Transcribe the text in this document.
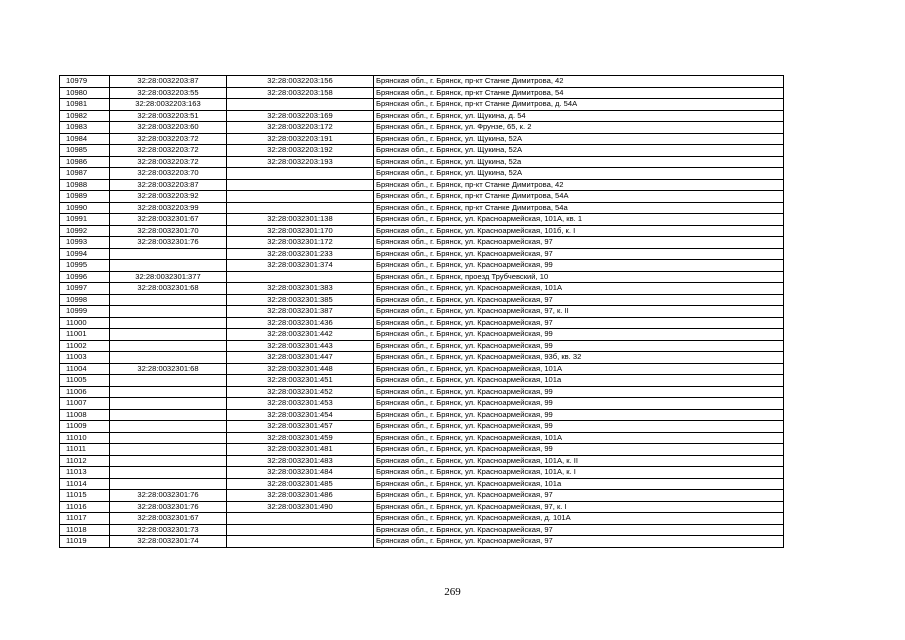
10979	32:28:0032203:87	32:28:0032203:156	Брянская обл., г. Брянск, пр-кт Станке Димитрова, 42
10980	32:28:0032203:55	32:28:0032203:158	Брянская обл., г. Брянск, пр-кт Станке Димитрова, 54
10981	32:28:0032203:163		Брянская обл., г. Брянск, пр-кт Станке Димитрова, д. 54А
10982	32:28:0032203:51	32:28:0032203:169	Брянская обл., г. Брянск, ул. Щукина, д. 54
10983	32:28:0032203:60	32:28:0032203:172	Брянская обл., г. Брянск, ул. Фрунзе, 65, к. 2
10984	32:28:0032203:72	32:28:0032203:191	Брянская обл., г. Брянск, ул. Щукина, 52А
10985	32:28:0032203:72	32:28:0032203:192	Брянская обл., г. Брянск, ул. Щукина, 52А
10986	32:28:0032203:72	32:28:0032203:193	Брянская обл., г. Брянск, ул. Щукина, 52а
10987	32:28:0032203:70		Брянская обл., г. Брянск, ул. Щукина, 52А
10988	32:28:0032203:87		Брянская обл., г. Брянск, пр-кт Станке Димитрова, 42
10989	32:28:0032203:92		Брянская обл., г. Брянск, пр-кт Станке Димитрова, 54А
10990	32:28:0032203:99		Брянская обл., г. Брянск, пр-кт Станке Димитрова, 54а
10991	32:28:0032301:67	32:28:0032301:138	Брянская обл., г. Брянск, ул. Красноармейская, 101А, кв. 1
10992	32:28:0032301:70	32:28:0032301:170	Брянская обл., г. Брянск, ул. Красноармейская, 101б, к. I
10993	32:28:0032301:76	32:28:0032301:172	Брянская обл., г. Брянск, ул. Красноармейская, 97
10994		32:28:0032301:233	Брянская обл., г. Брянск, ул. Красноармейская, 97
10995		32:28:0032301:374	Брянская обл., г. Брянск, ул. Красноармейская, 99
10996	32:28:0032301:377		Брянская обл., г. Брянск, проезд Трубчевский, 10
10997	32:28:0032301:68	32:28:0032301:383	Брянская обл., г. Брянск, ул. Красноармейская, 101А
10998		32:28:0032301:385	Брянская обл., г. Брянск, ул. Красноармейская, 97
10999		32:28:0032301:387	Брянская обл., г. Брянск, ул. Красноармейская, 97, к. II
11000		32:28:0032301:436	Брянская обл., г. Брянск, ул. Красноармейская, 97
11001		32:28:0032301:442	Брянская обл., г. Брянск, ул. Красноармейская, 99
11002		32:28:0032301:443	Брянская обл., г. Брянск, ул. Красноармейская, 99
11003		32:28:0032301:447	Брянская обл., г. Брянск, ул. Красноармейская, 93б, кв. 32
11004	32:28:0032301:68	32:28:0032301:448	Брянская обл., г. Брянск, ул. Красноармейская, 101А
11005		32:28:0032301:451	Брянская обл., г. Брянск, ул. Красноармейская, 101а
11006		32:28:0032301:452	Брянская обл., г. Брянск, ул. Красноармейская, 99
11007		32:28:0032301:453	Брянская обл., г. Брянск, ул. Красноармейская, 99
11008		32:28:0032301:454	Брянская обл., г. Брянск, ул. Красноармейская, 99
11009		32:28:0032301:457	Брянская обл., г. Брянск, ул. Красноармейская, 99
11010		32:28:0032301:459	Брянская обл., г. Брянск, ул. Красноармейская, 101А
11011		32:28:0032301:481	Брянская обл., г. Брянск, ул. Красноармейская, 99
11012		32:28:0032301:483	Брянская обл., г. Брянск, ул. Красноармейская, 101А, к. II
11013		32:28:0032301:484	Брянская обл., г. Брянск, ул. Красноармейская, 101А, к. I
11014		32:28:0032301:485	Брянская обл., г. Брянск, ул. Красноармейская, 101а
11015	32:28:0032301:76	32:28:0032301:486	Брянская обл., г. Брянск, ул. Красноармейская, 97
11016	32:28:0032301:76	32:28:0032301:490	Брянская обл., г. Брянск, ул. Красноармейская, 97, к. I
11017	32:28:0032301:67		Брянская обл., г. Брянск, ул. Красноармейская, д. 101А
11018	32:28:0032301:73		Брянская обл., г. Брянск, ул. Красноармейская, 97
11019	32:28:0032301:74		Брянская обл., г. Брянск, ул. Красноармейская, 97
269
